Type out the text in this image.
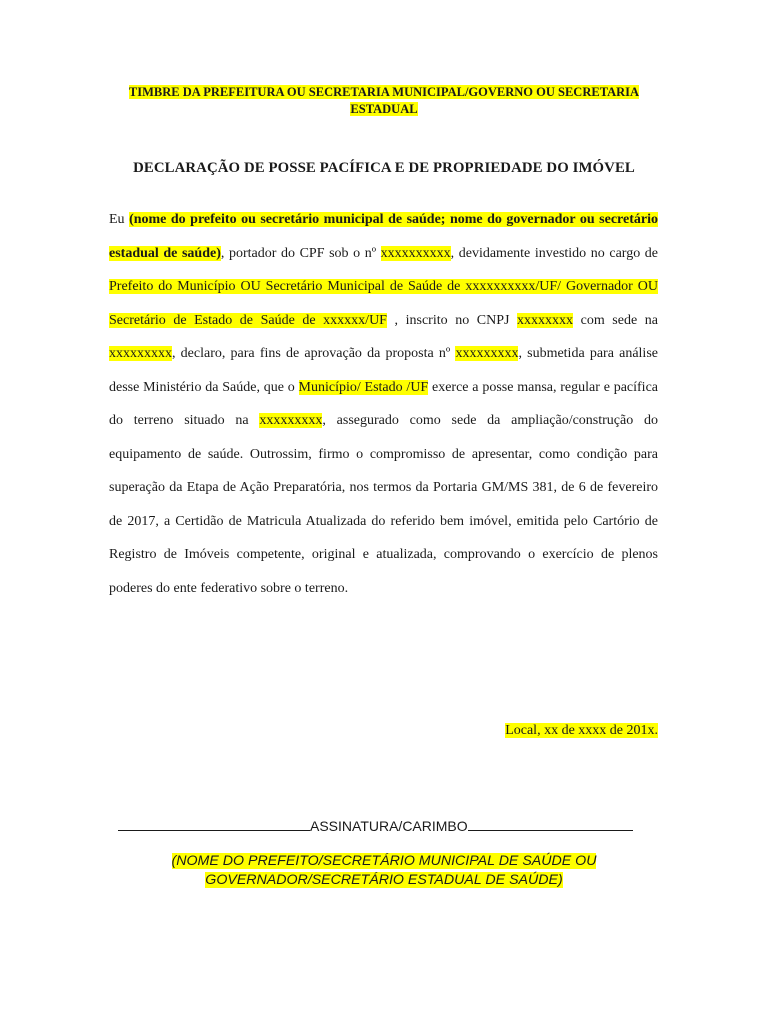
TIMBRE DA PREFEITURA OU SECRETARIA MUNICIPAL/GOVERNO OU SECRETARIA
ESTADUAL
DECLARAÇÃO DE POSSE PACÍFICA E DE PROPRIEDADE DO IMÓVEL
Eu (nome do prefeito ou secretário municipal de saúde; nome do governador ou secretário estadual de saúde), portador do CPF sob o nº xxxxxxxxxx, devidamente investido no cargo de Prefeito do Município OU Secretário Municipal de Saúde de xxxxxxxxxx/UF/ Governador OU Secretário de Estado de Saúde de xxxxxx/UF , inscrito no CNPJ xxxxxxxx com sede na xxxxxxxxx, declaro, para fins de aprovação da proposta nº xxxxxxxxx, submetida para análise desse Ministério da Saúde, que o Município/ Estado /UF exerce a posse mansa, regular e pacífica do terreno situado na xxxxxxxxx, assegurado como sede da ampliação/construção do equipamento de saúde. Outrossim, firmo o compromisso de apresentar, como condição para superação da Etapa de Ação Preparatória, nos termos da Portaria GM/MS 381, de 6 de fevereiro de 2017, a Certidão de Matricula Atualizada do referido bem imóvel, emitida pelo Cartório de Registro de Imóveis competente, original e atualizada, comprovando o exercício de plenos poderes do ente federativo sobre o terreno.
Local, xx de xxxx de 201x.
ASSINATURA/CARIMBO
(NOME DO PREFEITO/SECRETÁRIO MUNICIPAL DE SAÚDE OU
GOVERNADOR/SECRETÁRIO ESTADUAL DE SAÚDE)
